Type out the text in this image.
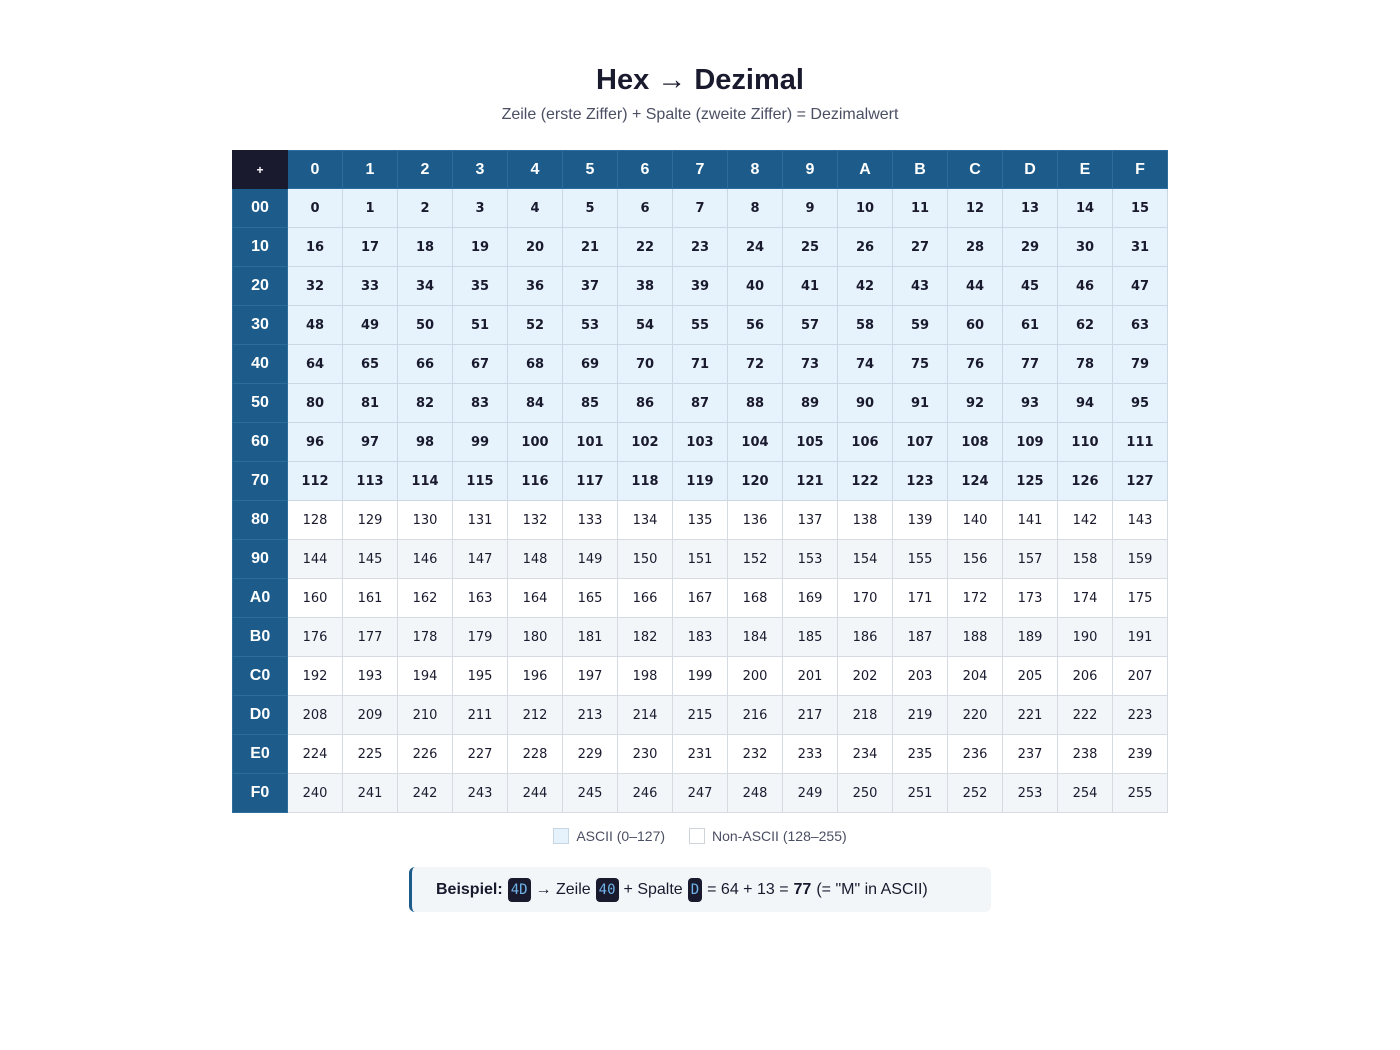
Hex → Dezimal
Zeile (erste Ziffer) + Spalte (zweite Ziffer) = Dezimalwert
+	0	1	2	3	4	5	6	7	8	9	A	B	C	D	E	F
00	0	1	2	3	4	5	6	7	8	9	10	11	12	13	14	15
10	16	17	18	19	20	21	22	23	24	25	26	27	28	29	30	31
20	32	33	34	35	36	37	38	39	40	41	42	43	44	45	46	47
30	48	49	50	51	52	53	54	55	56	57	58	59	60	61	62	63
40	64	65	66	67	68	69	70	71	72	73	74	75	76	77	78	79
50	80	81	82	83	84	85	86	87	88	89	90	91	92	93	94	95
60	96	97	98	99	100	101	102	103	104	105	106	107	108	109	110	111
70	112	113	114	115	116	117	118	119	120	121	122	123	124	125	126	127
80	128	129	130	131	132	133	134	135	136	137	138	139	140	141	142	143
90	144	145	146	147	148	149	150	151	152	153	154	155	156	157	158	159
A0	160	161	162	163	164	165	166	167	168	169	170	171	172	173	174	175
B0	176	177	178	179	180	181	182	183	184	185	186	187	188	189	190	191
C0	192	193	194	195	196	197	198	199	200	201	202	203	204	205	206	207
D0	208	209	210	211	212	213	214	215	216	217	218	219	220	221	222	223
E0	224	225	226	227	228	229	230	231	232	233	234	235	236	237	238	239
F0	240	241	242	243	244	245	246	247	248	249	250	251	252	253	254	255
ASCII (0–127)	Non-ASCII (128–255)
Beispiel: 4D → Zeile 40 + Spalte D = 64 + 13 = 77 (= "M" in ASCII)
